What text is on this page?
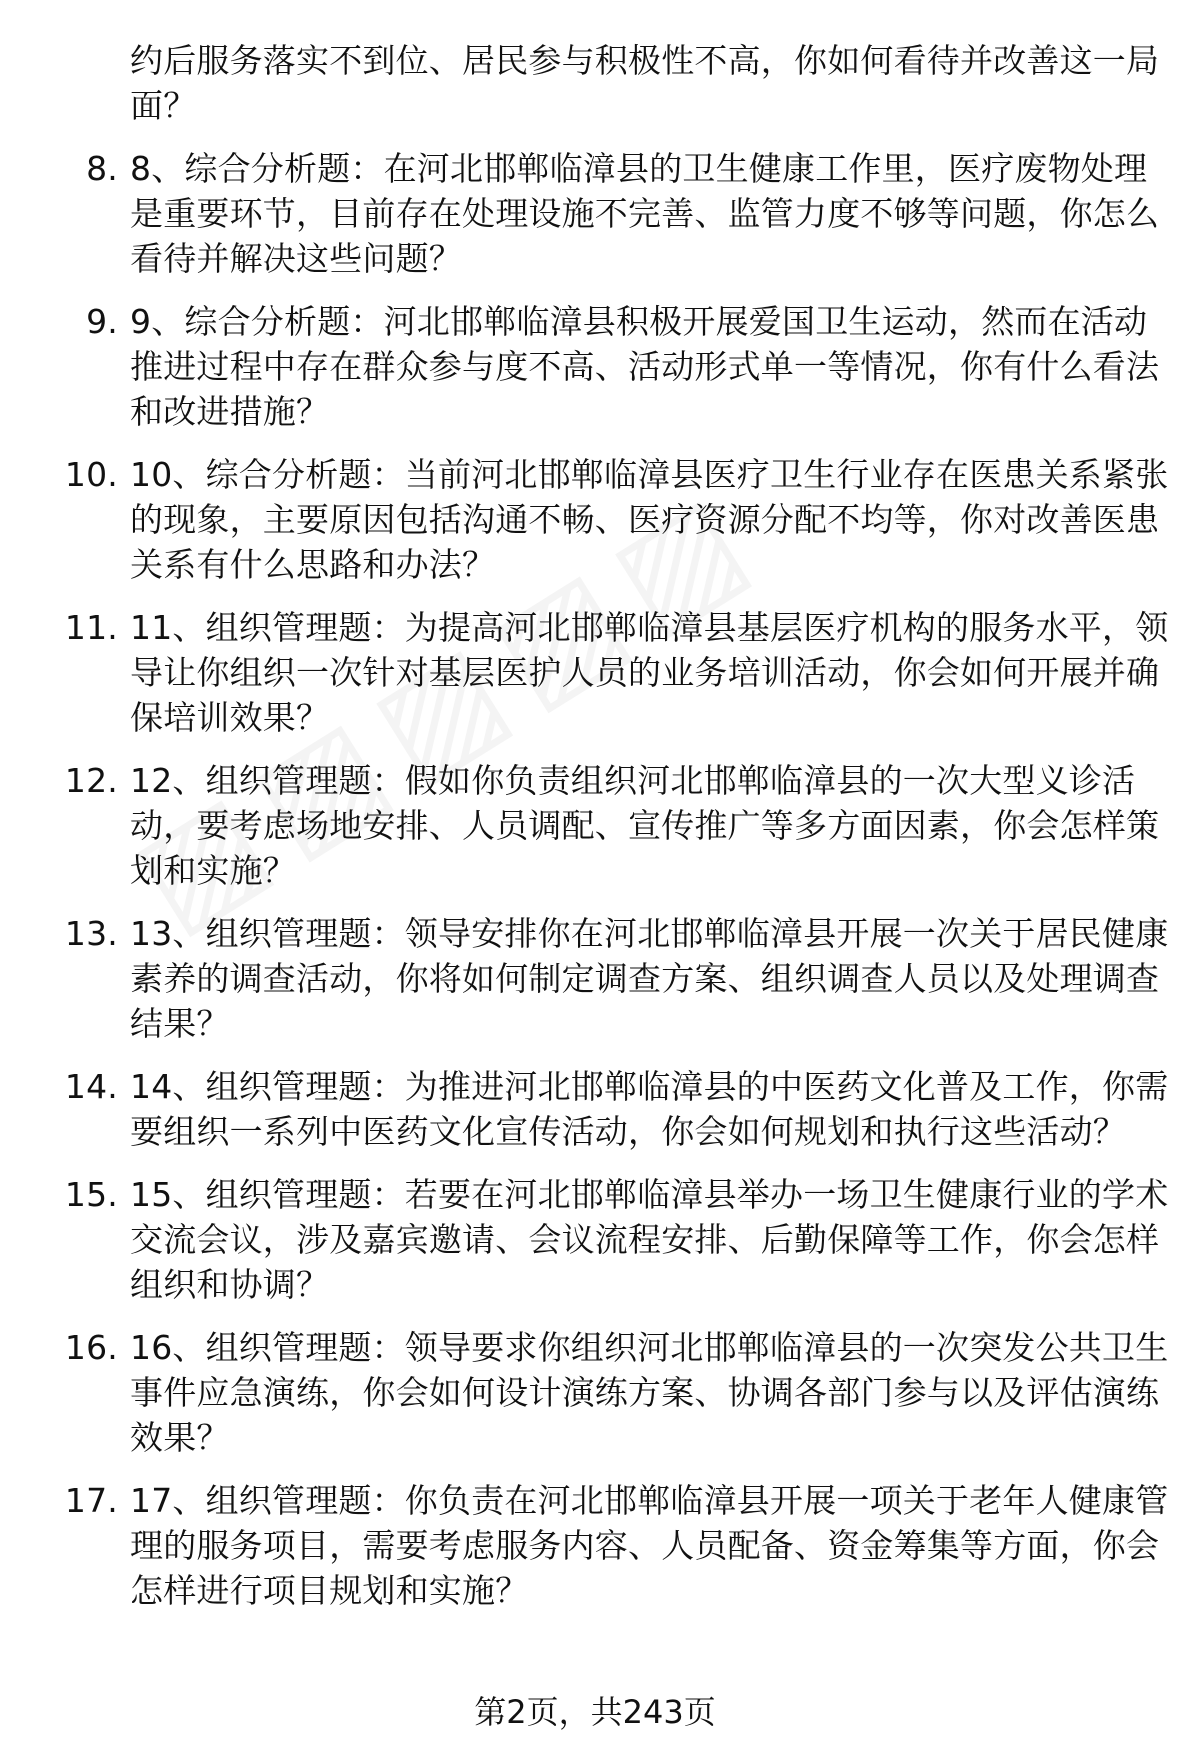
约后服务落实不到位、居民参与积极性不高，你如何看待并改善这一局面？
8. 8、综合分析题：在河北邯郸临漳县的卫生健康工作里，医疗废物处理是重要环节，目前存在处理设施不完善、监管力度不够等问题，你怎么看待并解决这些问题？
9. 9、综合分析题：河北邯郸临漳县积极开展爱国卫生运动，然而在活动推进过程中存在群众参与度不高、活动形式单一等情况，你有什么看法和改进措施？
10. 10、综合分析题：当前河北邯郸临漳县医疗卫生行业存在医患关系紧张的现象，主要原因包括沟通不畅、医疗资源分配不均等，你对改善医患关系有什么思路和办法？
11. 11、组织管理题：为提高河北邯郸临漳县基层医疗机构的服务水平，领导让你组织一次针对基层医护人员的业务培训活动，你会如何开展并确保培训效果？
12. 12、组织管理题：假如你负责组织河北邯郸临漳县的一次大型义诊活动，要考虑场地安排、人员调配、宣传推广等多方面因素，你会怎样策划和实施？
13. 13、组织管理题：领导安排你在河北邯郸临漳县开展一次关于居民健康素养的调查活动，你将如何制定调查方案、组织调查人员以及处理调查结果？
14. 14、组织管理题：为推进河北邯郸临漳县的中医药文化普及工作，你需要组织一系列中医药文化宣传活动，你会如何规划和执行这些活动？
15. 15、组织管理题：若要在河北邯郸临漳县举办一场卫生健康行业的学术交流会议，涉及嘉宾邀请、会议流程安排、后勤保障等工作，你会怎样组织和协调？
16. 16、组织管理题：领导要求你组织河北邯郸临漳县的一次突发公共卫生事件应急演练，你会如何设计演练方案、协调各部门参与以及评估演练效果？
17. 17、组织管理题：你负责在河北邯郸临漳县开展一项关于老年人健康管理的服务项目，需要考虑服务内容、人员配备、资金筹集等方面，你会怎样进行项目规划和实施？
第2页，共243页
